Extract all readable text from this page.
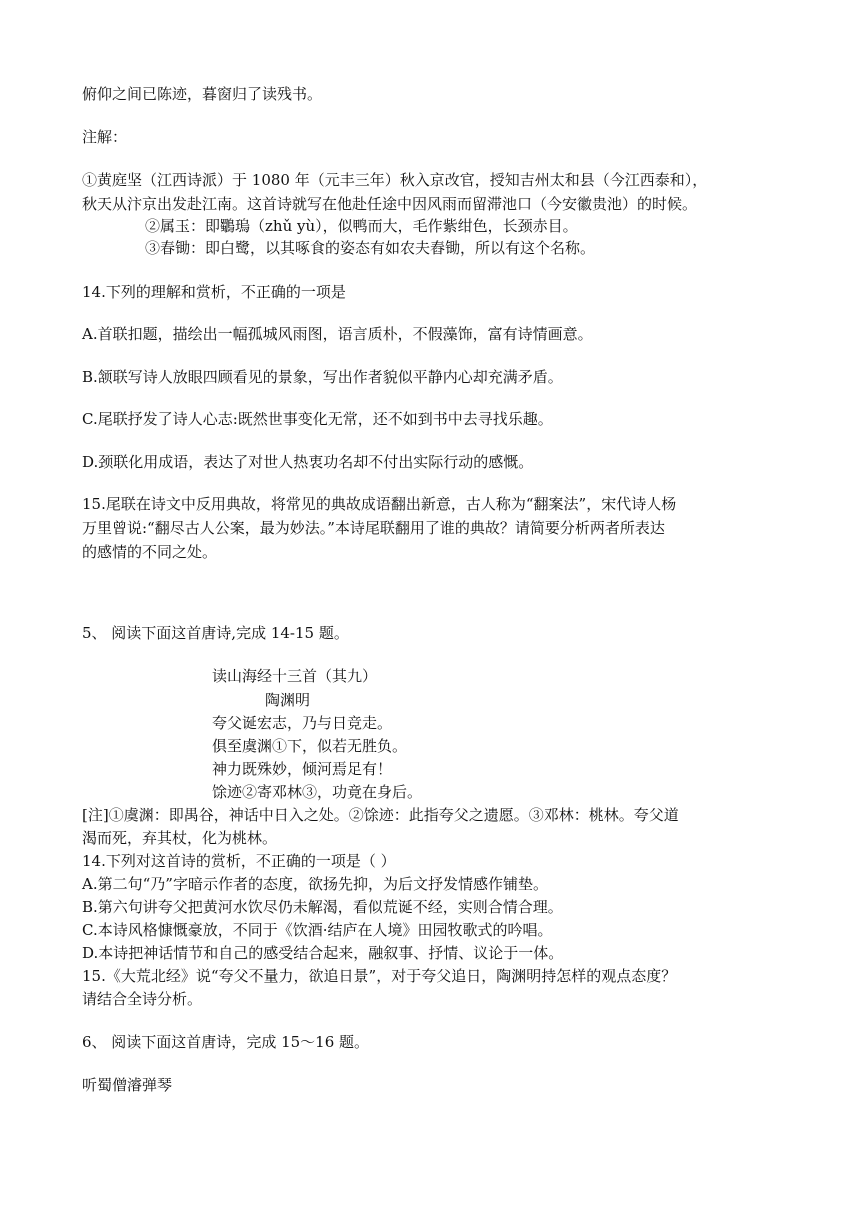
俯仰之间已陈迹，暮窗归了读残书。
注解：
①黄庭坚（江西诗派）于 1080 年（元丰三年）秋入京改官，授知吉州太和县（今江西泰和），
秋天从汴京出发赴江南。这首诗就写在他赴任途中因风雨而留滞池口（今安徽贵池）的时候。
②属玉：即鸀瑦（zhǔ yù），似鸭而大，毛作紫绀色，长颈赤目。
③春锄：即白鹭，以其啄食的姿态有如农夫舂锄，所以有这个名称。
14.下列的理解和赏析，不正确的一项是
A.首联扣题，描绘出一幅孤城风雨图，语言质朴，不假藻饰，富有诗情画意。
B.颔联写诗人放眼四顾看见的景象，写出作者貌似平静内心却充满矛盾。
C.尾联抒发了诗人心志:既然世事变化无常，还不如到书中去寻找乐趣。
D.颈联化用成语，表达了对世人热衷功名却不付出实际行动的感慨。
15.尾联在诗文中反用典故，将常见的典故成语翻出新意，古人称为“翻案法”，宋代诗人杨
万里曾说:“翻尽古人公案，最为妙法。”本诗尾联翻用了谁的典故？请简要分析两者所表达
的感情的不同之处。
5、 阅读下面这首唐诗,完成 14-15 题。
读山海经十三首（其九）
陶渊明
夸父诞宏志，乃与日竞走。
俱至虞渊①下，似若无胜负。
神力既殊妙，倾河焉足有！
馀迹②寄邓林③，功竟在身后。
[注]①虞渊：即禺谷，神话中日入之处。②馀迹：此指夸父之遗愿。③邓林：桃林。夸父道
渴而死，弃其杖，化为桃林。
14.下列对这首诗的赏析，不正确的一项是（ ）
A.第二句“乃”字暗示作者的态度，欲扬先抑，为后文抒发情感作铺垫。
B.第六句讲夸父把黄河水饮尽仍未解渴，看似荒诞不经，实则合情合理。
C.本诗风格慷慨豪放，不同于《饮酒·结庐在人境》田园牧歌式的吟唱。
D.本诗把神话情节和自己的感受结合起来，融叙事、抒情、议论于一体。
15.《大荒北经》说“夸父不量力，欲追日景”，对于夸父追日，陶渊明持怎样的观点态度？
请结合全诗分析。
6、 阅读下面这首唐诗，完成 15～16 题。
听蜀僧濬弹琴
